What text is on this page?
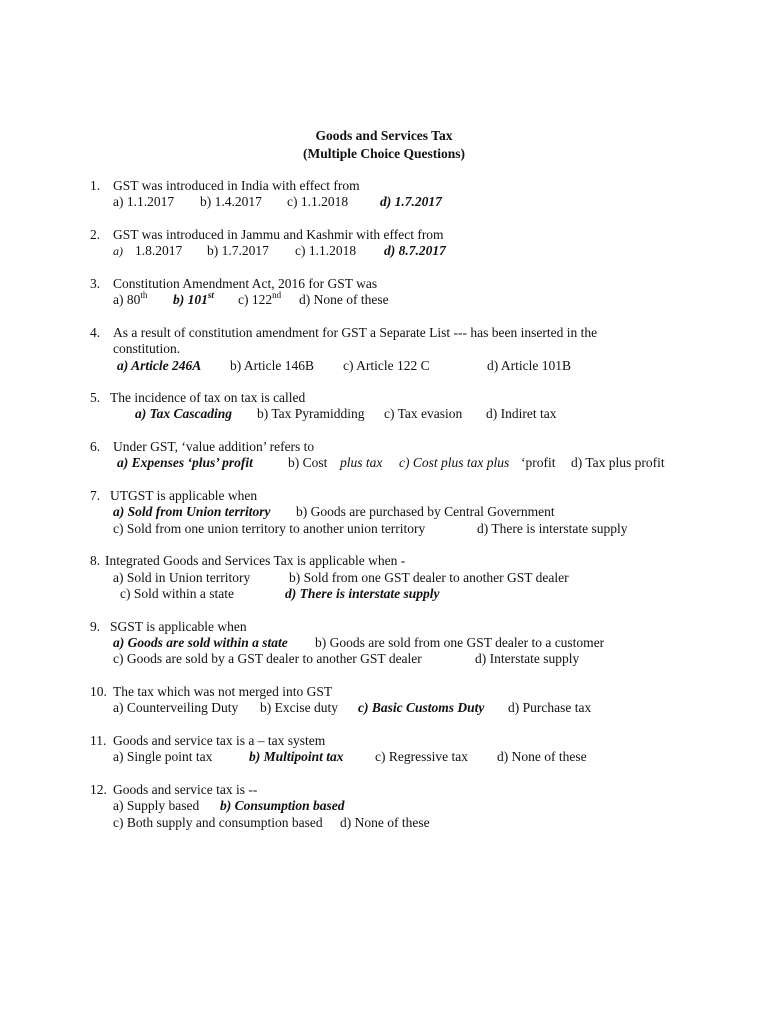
Goods and Services Tax
(Multiple Choice Questions)
1. GST was introduced in India with effect from
a) 1.1.2017 b) 1.4.2017 c) 1.1.2018 d) 1.7.2017
2. GST was introduced in Jammu and Kashmir with effect from
a) 1.8.2017 b) 1.7.2017 c) 1.1.2018 d) 8.7.2017
3. Constitution Amendment Act, 2016 for GST was
a) 80th b) 101st c) 122nd d) None of these
4. As a result of constitution amendment for GST a Separate List --- has been inserted in the
constitution.
a) Article 246A b) Article 146B c) Article 122 C	d) Article 101B
5. The incidence of tax on tax is called
a) Tax Cascading b) Tax Pyramidding c) Tax evasion d) Indiret tax
6. Under GST, ‘value addition’ refers to
a) Expenses ‘plus’ profit	b) Cost plus tax c) Cost plus tax plus ‘profit d) Tax plus profit
7. UTGST is applicable when
a) Sold from Union territory b) Goods are purchased by Central Government
c) Sold from one union territory to another union territory	d) There is interstate supply
8. Integrated Goods and Services Tax is applicable when -
a) Sold in Union territory	b) Sold from one GST dealer to another GST dealer
c) Sold within a state	d) There is interstate supply
9. SGST is applicable when
a) Goods are sold within a state b) Goods are sold from one GST dealer to a customer
c) Goods are sold by a GST dealer to another GST dealer	d) Interstate supply
10. The tax which was not merged into GST
a) Counterveiling Duty b) Excise duty c) Basic Customs Duty d) Purchase tax
11. Goods and service tax is a – tax system
a) Single point tax	b) Multipoint tax c) Regressive tax d) None of these
12. Goods and service tax is --
a) Supply based b) Consumption based
c) Both supply and consumption based d) None of these
